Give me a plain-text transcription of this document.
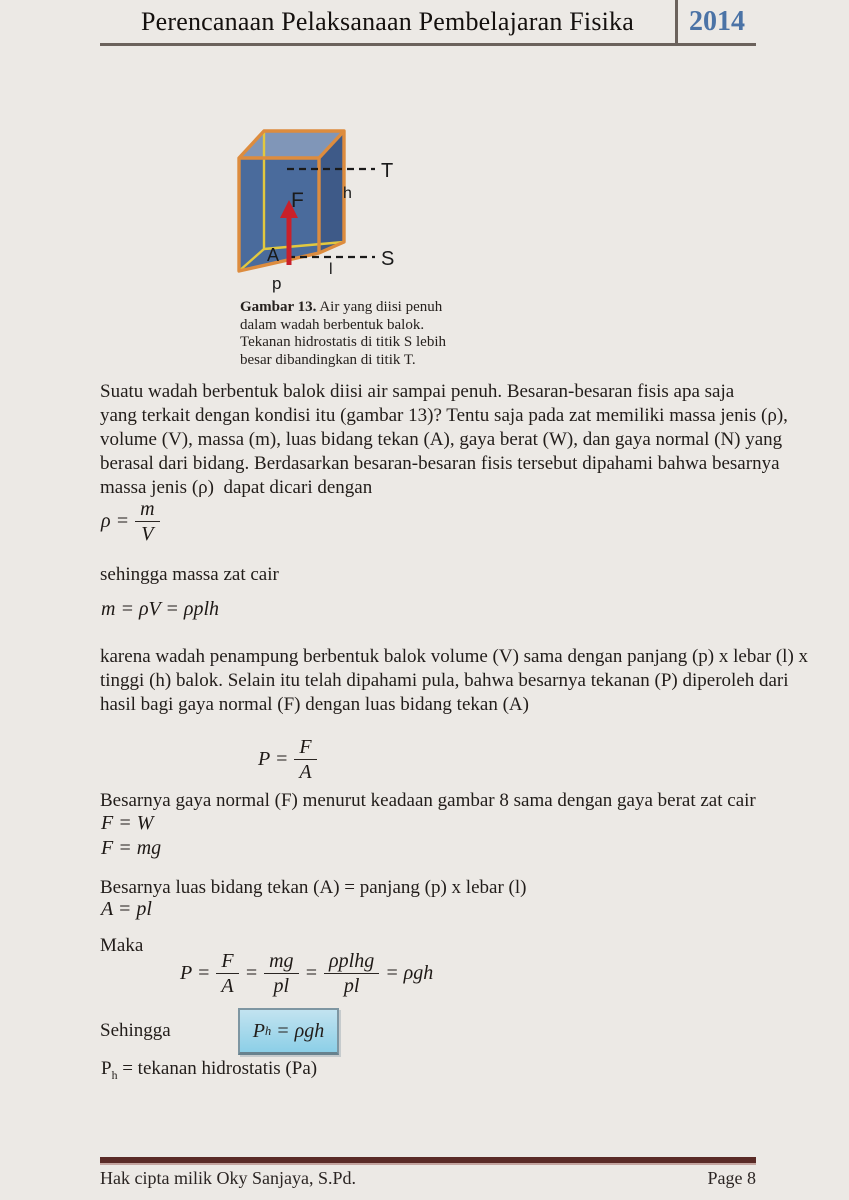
Perencanaan Pelaksanaan Pembelajaran Fisika	2014
F
A
T
S
h
l
p
Gambar 13. Air yang diisi penuh
dalam wadah berbentuk balok.
Tekanan hidrostatis di titik S lebih
besar dibandingkan di titik T.
Suatu wadah berbentuk balok diisi air sampai penuh. Besaran-besaran fisis apa saja
yang terkait dengan kondisi itu (gambar 13)? Tentu saja pada zat memiliki massa jenis (ρ),
volume (V), massa (m), luas bidang tekan (A), gaya berat (W), dan gaya normal (N) yang
berasal dari bidang. Berdasarkan besaran-besaran fisis tersebut dipahami bahwa besarnya
massa jenis (ρ)  dapat dicari dengan
$\rho = \frac{m}{V}$
sehingga massa zat cair
m = ρV = ρplh
karena wadah penampung berbentuk balok volume (V) sama dengan panjang (p) x lebar (l) x
tinggi (h) balok. Selain itu telah dipahami pula, bahwa besarnya tekanan (P) diperoleh dari
hasil bagi gaya normal (F) dengan luas bidang tekan (A)
$P = \frac{F}{A}$
Besarnya gaya normal (F) menurut keadaan gambar 8 sama dengan gaya berat zat cair
F = W
F = mg
Besarnya luas bidang tekan (A) = panjang (p) x lebar (l)
A = pl
Maka
$P = \frac{F}{A} = \frac{mg}{pl} = \frac{\text{ρplhg}}{pl} = \rho gh$
Sehingga	P h
= ρgh
$P_h$ = tekanan hidrostatis (Pa)
Hak cipta milik Oky Sanjaya, S.Pd.	Page 8
